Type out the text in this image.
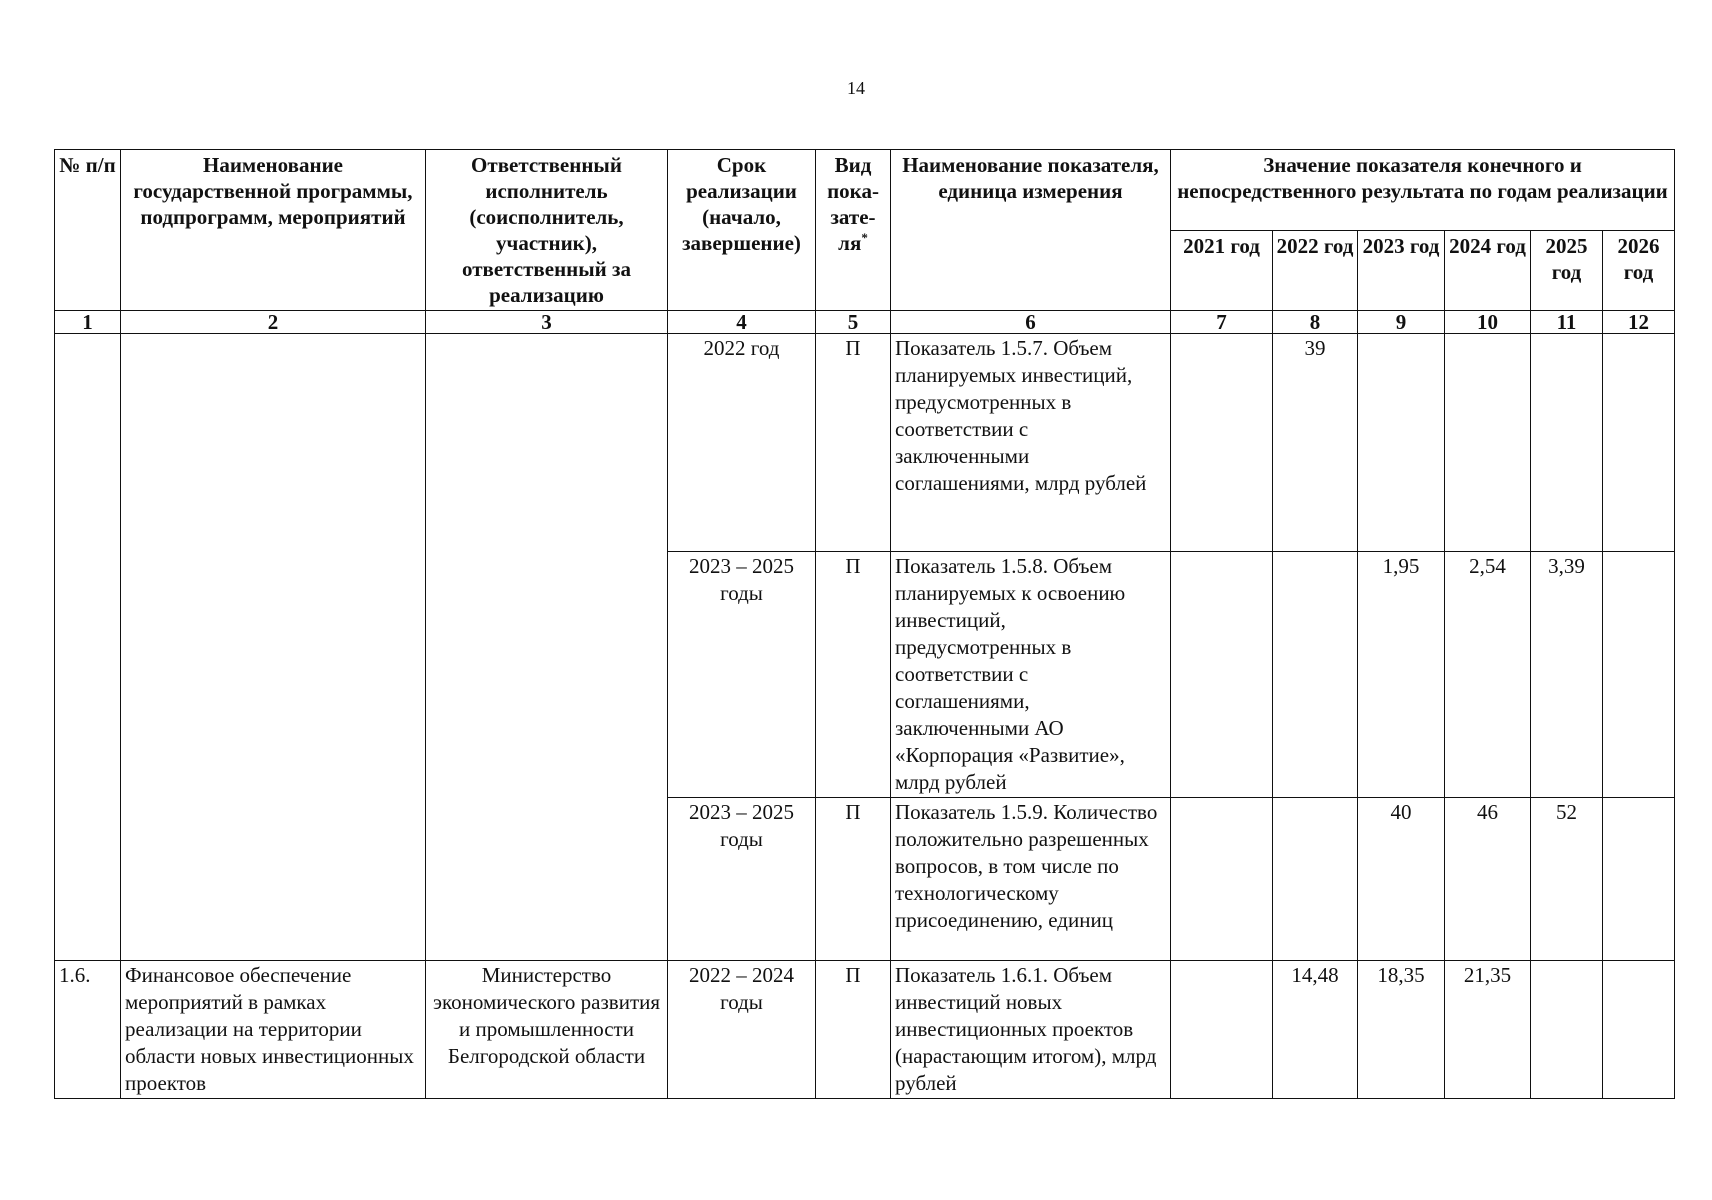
14
№ п/п	Наименование государственной программы, подпрограмм, мероприятий	Ответственный исполнитель (соисполнитель, участник), ответственный за реализацию	Срок реализации (начало, завершение)	Вид пока-зате-ля*	Наименование показателя, единица измерения	Значение показателя конечного и непосредственного результата по годам реализации					
						2021 год	2022 год	2023 год	2024 год	2025 год	2026 год
1	2	3	4	5	6	7	8	9	10	11	12
			2022 год	П	Показатель 1.5.7. Объем планируемых инвестиций, предусмотренных в соответствии с заключенными соглашениями, млрд рублей		39				
			2023 – 2025 годы	П	Показатель 1.5.8. Объем планируемых к освоению инвестиций, предусмотренных в соответствии с соглашениями, заключенными АО «Корпорация «Развитие», млрд рублей			1,95	2,54	3,39	
			2023 – 2025 годы	П	Показатель 1.5.9. Количество положительно разрешенных вопросов, в том числе по технологическому присоединению, единиц			40	46	52	
1.6.	Финансовое обеспечение мероприятий в рамках реализации на территории области новых инвестиционных проектов	Министерство экономического развития и промышленности Белгородской области	2022 – 2024 годы	П	Показатель 1.6.1. Объем инвестиций новых инвестиционных проектов (нарастающим итогом), млрд рублей		14,48	18,35	21,35		
